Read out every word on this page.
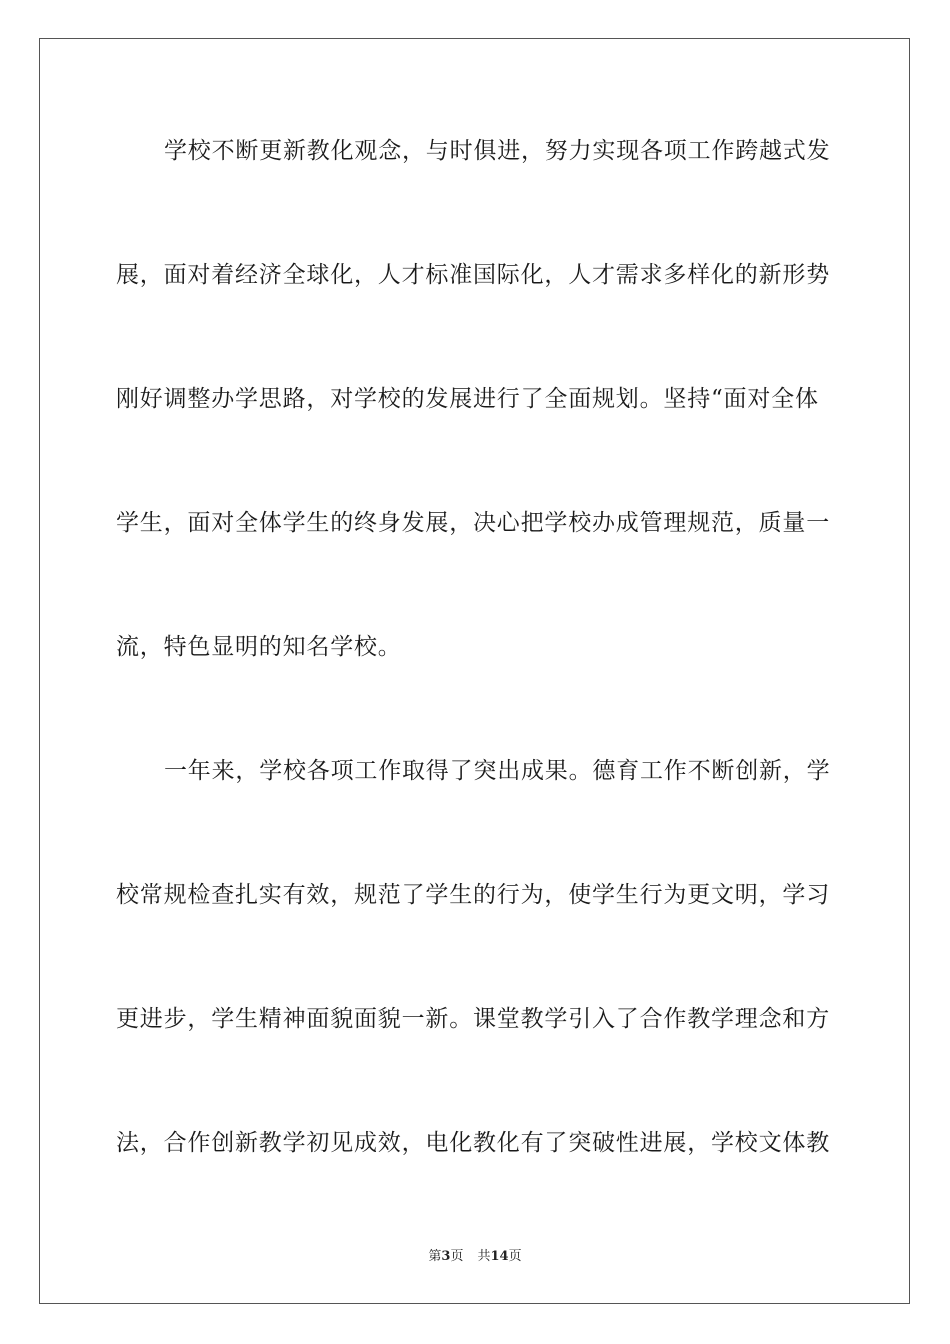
学校不断更新教化观念，与时俱进，努力实现各项工作跨越式发
展，面对着经济全球化，人才标准国际化，人才需求多样化的新形势
刚好调整办学思路，对学校的发展进行了全面规划。坚持“面对全体
学生，面对全体学生的终身发展，决心把学校办成管理规范，质量一
流，特色显明的知名学校。
一年来，学校各项工作取得了突出成果。德育工作不断创新，学
校常规检查扎实有效，规范了学生的行为，使学生行为更文明，学习
更进步，学生精神面貌面貌一新。课堂教学引入了合作教学理念和方
法，合作创新教学初见成效，电化教化有了突破性进展，学校文体教
第3页 共14页
